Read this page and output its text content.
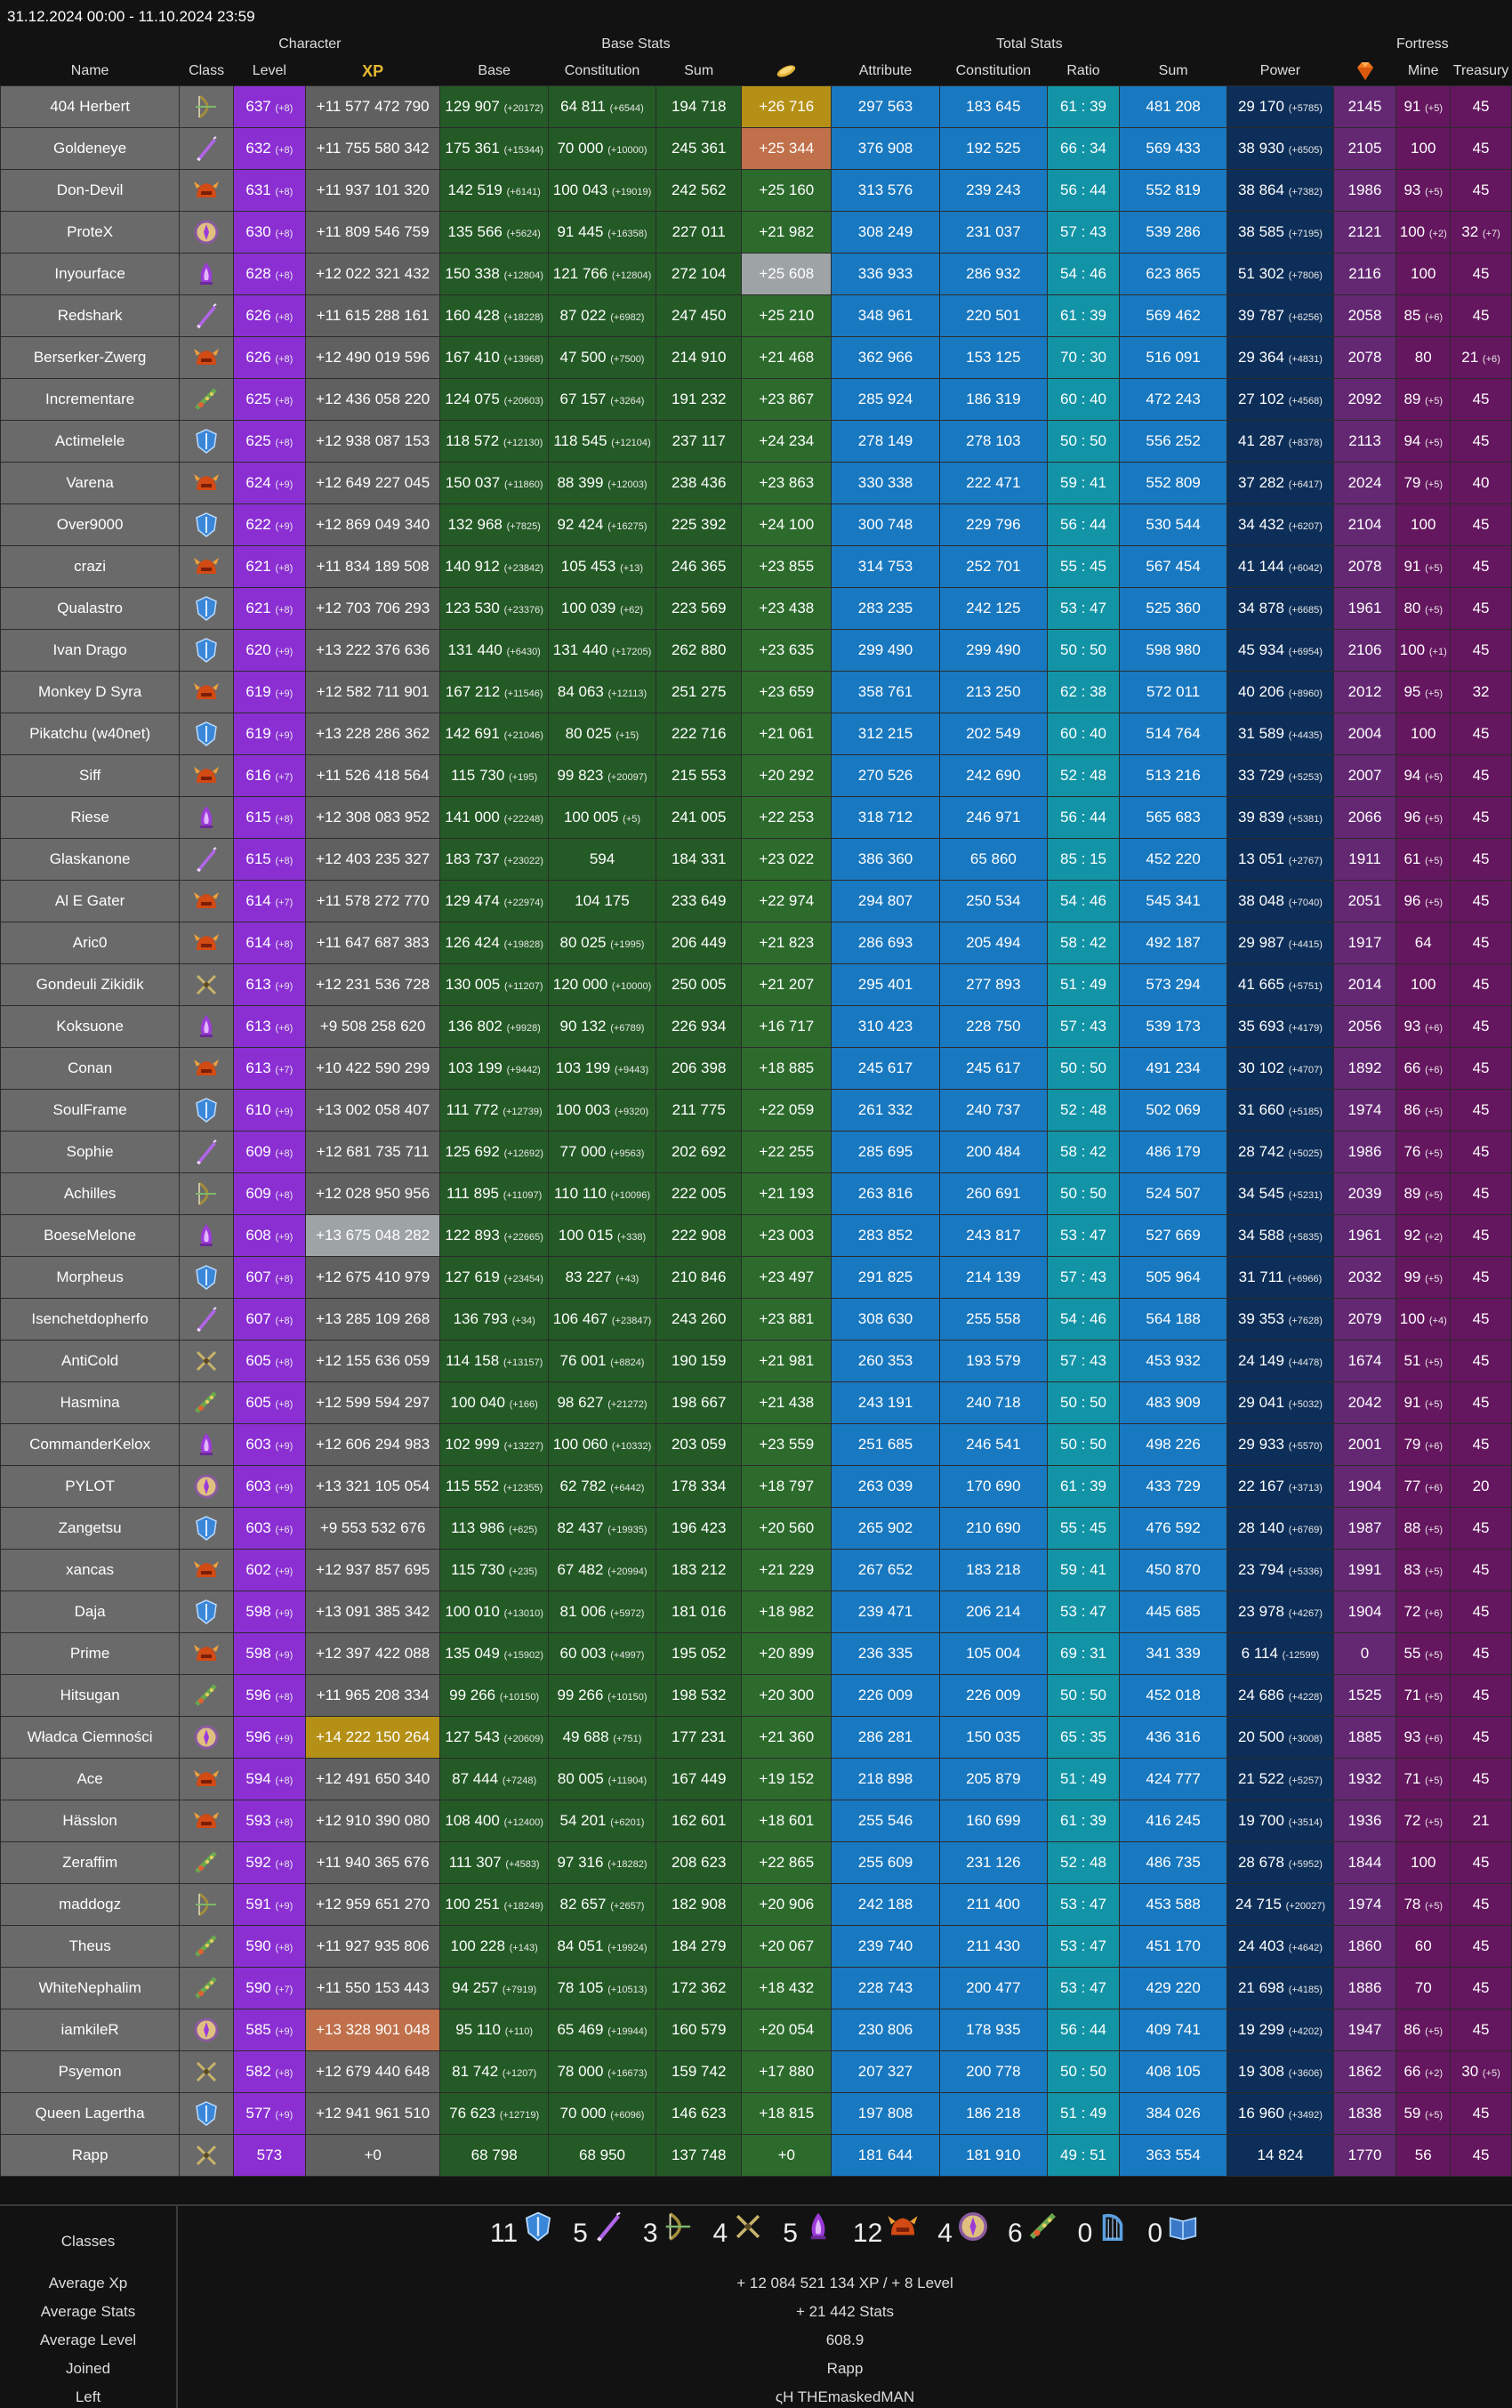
31.12.2024 00:00 - 11.10.2024 23:59
	Character			Base Stats				Total Stats					Fortress		
Name	Class	Level	XP	Base	Constitution	Sum		Attribute	Constitution	Ratio	Sum	Power		Mine	Treasury
404 Herbert		637 (+8)	+11 577 472 790	129 907 (+20172)	64 811 (+6544)	194 718	+26 716	297 563	183 645	61 : 39	481 208	29 170 (+5785)	2145	91 (+5)	45
Goldeneye		632 (+8)	+11 755 580 342	175 361 (+15344)	70 000 (+10000)	245 361	+25 344	376 908	192 525	66 : 34	569 433	38 930 (+6505)	2105	100	45
Don-Devil		631 (+8)	+11 937 101 320	142 519 (+6141)	100 043 (+19019)	242 562	+25 160	313 576	239 243	56 : 44	552 819	38 864 (+7382)	1986	93 (+5)	45
ProteX		630 (+8)	+11 809 546 759	135 566 (+5624)	91 445 (+16358)	227 011	+21 982	308 249	231 037	57 : 43	539 286	38 585 (+7195)	2121	100 (+2)	32 (+7)
Inyourface		628 (+8)	+12 022 321 432	150 338 (+12804)	121 766 (+12804)	272 104	+25 608	336 933	286 932	54 : 46	623 865	51 302 (+7806)	2116	100	45
Redshark		626 (+8)	+11 615 288 161	160 428 (+18228)	87 022 (+6982)	247 450	+25 210	348 961	220 501	61 : 39	569 462	39 787 (+6256)	2058	85 (+6)	45
Berserker-Zwerg		626 (+8)	+12 490 019 596	167 410 (+13968)	47 500 (+7500)	214 910	+21 468	362 966	153 125	70 : 30	516 091	29 364 (+4831)	2078	80	21 (+6)
Incrementare		625 (+8)	+12 436 058 220	124 075 (+20603)	67 157 (+3264)	191 232	+23 867	285 924	186 319	60 : 40	472 243	27 102 (+4568)	2092	89 (+5)	45
Actimelele		625 (+8)	+12 938 087 153	118 572 (+12130)	118 545 (+12104)	237 117	+24 234	278 149	278 103	50 : 50	556 252	41 287 (+8378)	2113	94 (+5)	45
Varena		624 (+9)	+12 649 227 045	150 037 (+11860)	88 399 (+12003)	238 436	+23 863	330 338	222 471	59 : 41	552 809	37 282 (+6417)	2024	79 (+5)	40
Over9000		622 (+9)	+12 869 049 340	132 968 (+7825)	92 424 (+16275)	225 392	+24 100	300 748	229 796	56 : 44	530 544	34 432 (+6207)	2104	100	45
crazi		621 (+8)	+11 834 189 508	140 912 (+23842)	105 453 (+13)	246 365	+23 855	314 753	252 701	55 : 45	567 454	41 144 (+6042)	2078	91 (+5)	45
Qualastro		621 (+8)	+12 703 706 293	123 530 (+23376)	100 039 (+62)	223 569	+23 438	283 235	242 125	53 : 47	525 360	34 878 (+6685)	1961	80 (+5)	45
Ivan Drago		620 (+9)	+13 222 376 636	131 440 (+6430)	131 440 (+17205)	262 880	+23 635	299 490	299 490	50 : 50	598 980	45 934 (+6954)	2106	100 (+1)	45
Monkey D Syra		619 (+9)	+12 582 711 901	167 212 (+11546)	84 063 (+12113)	251 275	+23 659	358 761	213 250	62 : 38	572 011	40 206 (+8960)	2012	95 (+5)	32
Pikatchu (w40net)		619 (+9)	+13 228 286 362	142 691 (+21046)	80 025 (+15)	222 716	+21 061	312 215	202 549	60 : 40	514 764	31 589 (+4435)	2004	100	45
Siff		616 (+7)	+11 526 418 564	115 730 (+195)	99 823 (+20097)	215 553	+20 292	270 526	242 690	52 : 48	513 216	33 729 (+5253)	2007	94 (+5)	45
Riese		615 (+8)	+12 308 083 952	141 000 (+22248)	100 005 (+5)	241 005	+22 253	318 712	246 971	56 : 44	565 683	39 839 (+5381)	2066	96 (+5)	45
Glaskanone		615 (+8)	+12 403 235 327	183 737 (+23022)	594	184 331	+23 022	386 360	65 860	85 : 15	452 220	13 051 (+2767)	1911	61 (+5)	45
Al E Gater		614 (+7)	+11 578 272 770	129 474 (+22974)	104 175	233 649	+22 974	294 807	250 534	54 : 46	545 341	38 048 (+7040)	2051	96 (+5)	45
Aric0		614 (+8)	+11 647 687 383	126 424 (+19828)	80 025 (+1995)	206 449	+21 823	286 693	205 494	58 : 42	492 187	29 987 (+4415)	1917	64	45
Gondeuli Zikidik		613 (+9)	+12 231 536 728	130 005 (+11207)	120 000 (+10000)	250 005	+21 207	295 401	277 893	51 : 49	573 294	41 665 (+5751)	2014	100	45
Koksuone		613 (+6)	+9 508 258 620	136 802 (+9928)	90 132 (+6789)	226 934	+16 717	310 423	228 750	57 : 43	539 173	35 693 (+4179)	2056	93 (+6)	45
Conan		613 (+7)	+10 422 590 299	103 199 (+9442)	103 199 (+9443)	206 398	+18 885	245 617	245 617	50 : 50	491 234	30 102 (+4707)	1892	66 (+6)	45
SoulFrame		610 (+9)	+13 002 058 407	111 772 (+12739)	100 003 (+9320)	211 775	+22 059	261 332	240 737	52 : 48	502 069	31 660 (+5185)	1974	86 (+5)	45
Sophie		609 (+8)	+12 681 735 711	125 692 (+12692)	77 000 (+9563)	202 692	+22 255	285 695	200 484	58 : 42	486 179	28 742 (+5025)	1986	76 (+5)	45
Achilles		609 (+8)	+12 028 950 956	111 895 (+11097)	110 110 (+10096)	222 005	+21 193	263 816	260 691	50 : 50	524 507	34 545 (+5231)	2039	89 (+5)	45
BoeseMelone		608 (+9)	+13 675 048 282	122 893 (+22665)	100 015 (+338)	222 908	+23 003	283 852	243 817	53 : 47	527 669	34 588 (+5835)	1961	92 (+2)	45
Morpheus		607 (+8)	+12 675 410 979	127 619 (+23454)	83 227 (+43)	210 846	+23 497	291 825	214 139	57 : 43	505 964	31 711 (+6966)	2032	99 (+5)	45
Isenchetdopherfo		607 (+8)	+13 285 109 268	136 793 (+34)	106 467 (+23847)	243 260	+23 881	308 630	255 558	54 : 46	564 188	39 353 (+7628)	2079	100 (+4)	45
AntiCold		605 (+8)	+12 155 636 059	114 158 (+13157)	76 001 (+8824)	190 159	+21 981	260 353	193 579	57 : 43	453 932	24 149 (+4478)	1674	51 (+5)	45
Hasmina		605 (+8)	+12 599 594 297	100 040 (+166)	98 627 (+21272)	198 667	+21 438	243 191	240 718	50 : 50	483 909	29 041 (+5032)	2042	91 (+5)	45
CommanderKelox		603 (+9)	+12 606 294 983	102 999 (+13227)	100 060 (+10332)	203 059	+23 559	251 685	246 541	50 : 50	498 226	29 933 (+5570)	2001	79 (+6)	45
PYLOT		603 (+9)	+13 321 105 054	115 552 (+12355)	62 782 (+6442)	178 334	+18 797	263 039	170 690	61 : 39	433 729	22 167 (+3713)	1904	77 (+6)	20
Zangetsu		603 (+6)	+9 553 532 676	113 986 (+625)	82 437 (+19935)	196 423	+20 560	265 902	210 690	55 : 45	476 592	28 140 (+6769)	1987	88 (+5)	45
xancas		602 (+9)	+12 937 857 695	115 730 (+235)	67 482 (+20994)	183 212	+21 229	267 652	183 218	59 : 41	450 870	23 794 (+5336)	1991	83 (+5)	45
Daja		598 (+9)	+13 091 385 342	100 010 (+13010)	81 006 (+5972)	181 016	+18 982	239 471	206 214	53 : 47	445 685	23 978 (+4267)	1904	72 (+6)	45
Prime		598 (+9)	+12 397 422 088	135 049 (+15902)	60 003 (+4997)	195 052	+20 899	236 335	105 004	69 : 31	341 339	6 114 (-12599)	0	55 (+5)	45
Hitsugan		596 (+8)	+11 965 208 334	99 266 (+10150)	99 266 (+10150)	198 532	+20 300	226 009	226 009	50 : 50	452 018	24 686 (+4228)	1525	71 (+5)	45
Władca Ciemności		596 (+9)	+14 222 150 264	127 543 (+20609)	49 688 (+751)	177 231	+21 360	286 281	150 035	65 : 35	436 316	20 500 (+3008)	1885	93 (+6)	45
Ace		594 (+8)	+12 491 650 340	87 444 (+7248)	80 005 (+11904)	167 449	+19 152	218 898	205 879	51 : 49	424 777	21 522 (+5257)	1932	71 (+5)	45
Hässlon		593 (+8)	+12 910 390 080	108 400 (+12400)	54 201 (+6201)	162 601	+18 601	255 546	160 699	61 : 39	416 245	19 700 (+3514)	1936	72 (+5)	21
Zeraffim		592 (+8)	+11 940 365 676	111 307 (+4583)	97 316 (+18282)	208 623	+22 865	255 609	231 126	52 : 48	486 735	28 678 (+5952)	1844	100	45
maddogz		591 (+9)	+12 959 651 270	100 251 (+18249)	82 657 (+2657)	182 908	+20 906	242 188	211 400	53 : 47	453 588	24 715 (+20027)	1974	78 (+5)	45
Theus		590 (+8)	+11 927 935 806	100 228 (+143)	84 051 (+19924)	184 279	+20 067	239 740	211 430	53 : 47	451 170	24 403 (+4642)	1860	60	45
WhiteNephalim		590 (+7)	+11 550 153 443	94 257 (+7919)	78 105 (+10513)	172 362	+18 432	228 743	200 477	53 : 47	429 220	21 698 (+4185)	1886	70	45
iamkileR		585 (+9)	+13 328 901 048	95 110 (+110)	65 469 (+19944)	160 579	+20 054	230 806	178 935	56 : 44	409 741	19 299 (+4202)	1947	86 (+5)	45
Psyemon		582 (+8)	+12 679 440 648	81 742 (+1207)	78 000 (+16673)	159 742	+17 880	207 327	200 778	50 : 50	408 105	19 308 (+3606)	1862	66 (+2)	30 (+5)
Queen Lagertha		577 (+9)	+12 941 961 510	76 623 (+12719)	70 000 (+6096)	146 623	+18 815	197 808	186 218	51 : 49	384 026	16 960 (+3492)	1838	59 (+5)	45
Rapp		573	+0	68 798	68 950	137 748	+0	181 644	181 910	49 : 51	363 554	14 824	1770	56	45
Classes	11 5 3 4 5 12 4 6 0 0
Average Xp	+ 12 084 521 134 XP / + 8 Level
Average Stats	+ 21 442 Stats
Average Level	608.9
Joined	Rapp
Left	ςH THEmaskedMAN
